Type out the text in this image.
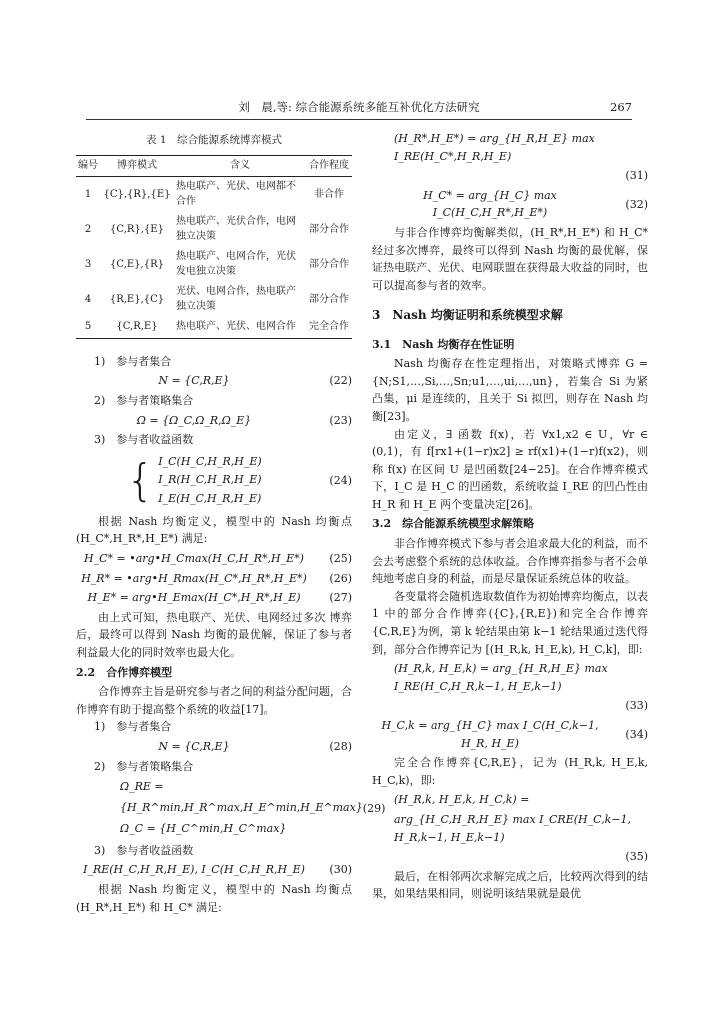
刘　晨,等: 综合能源系统多能互补优化方法研究	267
表 1　综合能源系统博弈模式
编号	博弈模式	含义	合作程度
1	{C},{R},{E}	热电联产、光伏、电网都不合作	非合作
2	{C,R},{E}	热电联产、光伏合作，电网独立决策	部分合作
3	{C,E},{R}	热电联产、电网合作，光伏发电独立决策	部分合作
4	{R,E},{C}	光伏、电网合作，热电联产独立决策	部分合作
5	{C,R,E}	热电联产、光伏、电网合作	完全合作
1)　参与者集合
N = {C,R,E}	(22)
2)　参与者策略集合
Ω = {Ω_C,Ω_R,Ω_E}	(23)
3)　参与者收益函数
{ I_C(H_C,H_R,H_E)
I_R(H_C,H_R,H_E)
I_E(H_C,H_R,H_E)
(24)

根据 Nash 均衡定义，模型中的 Nash 均衡点 (H_C*,H_R*,H_E*) 满足:

H_C* = •arg•H_Cmax(H_C,H_R*,H_E*)	(25)
H_R* = •arg•H_Rmax(H_C*,H_R*,H_E*)	(26)
H_E* = arg•H_Emax(H_C*,H_R*,H_E)	(27)

由上式可知，热电联产、光伏、电网经过多次 博弈后，最终可以得到 Nash 均衡的最优解，保证了参与者利益最大化的同时效率也最大化。

2.2　合作博弈模型

合作博弈主旨是研究参与者之间的利益分配问题，合作博弈有助于提高整个系统的收益[17]。

1)　参与者集合
N = {C,R,E}	(28)
2)　参与者策略集合
Ω_RE = {H_R^min,H_R^max,H_E^min,H_E^max}
Ω_C = {H_C^min,H_C^max}
(29)
3)　参与者收益函数
I_RE(H_C,H_R,H_E), I_C(H_C,H_R,H_E)	(30)

根据 Nash 均衡定义，模型中的 Nash 均衡点 (H_R*,H_E*) 和 H_C* 满足:

(H_R*,H_E*) = arg_{H_R,H_E} max I_RE(H_C*,H_R,H_E)
(31)
H_C* = arg_{H_C} max I_C(H_C,H_R*,H_E*)
(32)

与非合作博弈均衡解类似，(H_R*,H_E*) 和 H_C* 经过多次博弈，最终可以得到 Nash 均衡的最优解，保证热电联产、光伏、电网联盟在获得最大收益的同时，也可以提高参与者的效率。

3　Nash 均衡证明和系统模型求解
3.1　Nash 均衡存在性证明

Nash 均衡存在性定理指出，对策略式博弈 G = {N;S1,…,Si,…,Sn;u1,…,ui,…,un}，若集合 Si 为紧凸集，μi 是连续的，且关于 Si 拟凹，则存在 Nash 均衡[23]。

由定义，∃ 函数 f(x)，若 ∀x1,x2 ∈ U，∀r ∈ (0,1)，有 f[rx1+(1−r)x2] ≥ rf(x1)+(1−r)f(x2)，则称 f(x) 在区间 U 是凹函数[24−25]。在合作博弈模式下，I_C 是 H_C 的凹函数，系统收益 I_RE 的凹凸性由 H_R 和 H_E 两个变量决定[26]。

3.2　综合能源系统模型求解策略

非合作博弈模式下参与者会追求最大化的利益，而不会去考虑整个系统的总体收益。合作博弈指参与者不会单纯地考虑自身的利益，而是尽量保证系统总体的收益。

各变量将会随机选取数值作为初始博弈均衡点，以表 1 中的部分合作博弈({C},{R,E})和完全合作博弈{C,R,E}为例，第 k 轮结果由第 k−1 轮结果通过迭代得到，部分合作博弈记为 [(H_R,k, H_E,k), H_C,k]，即:

(H_R,k, H_E,k) = arg_{H_R,H_E} max I_RE(H_C,H_R,k−1, H_E,k−1)
(33)
H_C,k = arg_{H_C} max I_C(H_C,k−1, H_R, H_E)
(34)

完全合作博弈{C,R,E}，记为 (H_R,k, H_E,k, H_C,k)，即:

(H_R,k, H_E,k, H_C,k) =
arg_{H_C,H_R,H_E} max I_CRE(H_C,k−1, H_R,k−1, H_E,k−1)
(35)

最后，在相邻两次求解完成之后，比较两次得到的结果，如果结果相同，则说明该结果就是最优
